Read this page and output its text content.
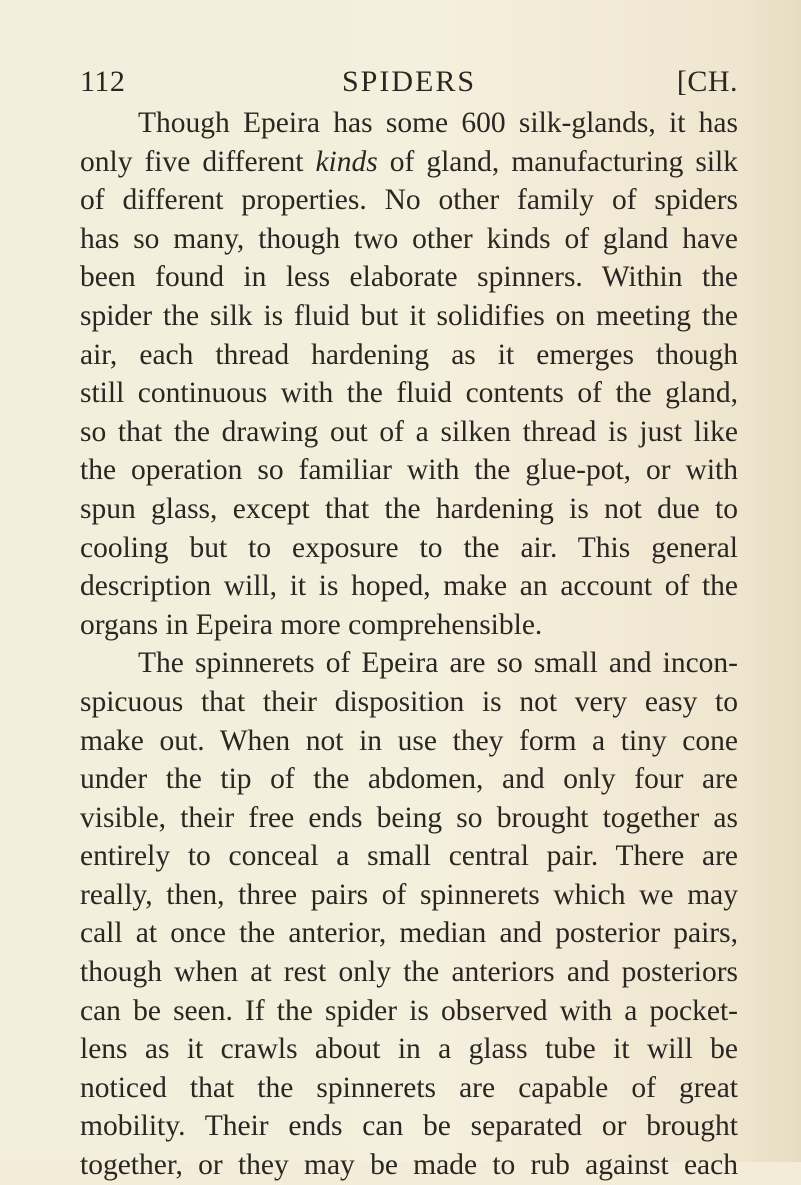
112	SPIDERS	[CH.
Though Epeira has some 600 silk-glands, it has
only five different kinds of gland, manufacturing silk
of different properties. No other family of spiders
has so many, though two other kinds of gland have
been found in less elaborate spinners. Within the
spider the silk is fluid but it solidifies on meeting the
air, each thread hardening as it emerges though
still continuous with the fluid contents of the gland,
so that the drawing out of a silken thread is just like
the operation so familiar with the glue-pot, or with
spun glass, except that the hardening is not due to
cooling but to exposure to the air. This general
description will, it is hoped, make an account of the
organs in Epeira more comprehensible.
The spinnerets of Epeira are so small and incon-
spicuous that their disposition is not very easy to
make out. When not in use they form a tiny cone
under the tip of the abdomen, and only four are
visible, their free ends being so brought together as
entirely to conceal a small central pair. There are
really, then, three pairs of spinnerets which we may
call at once the anterior, median and posterior pairs,
though when at rest only the anteriors and posteriors
can be seen. If the spider is observed with a pocket-
lens as it crawls about in a glass tube it will be
noticed that the spinnerets are capable of great
mobility. Their ends can be separated or brought
together, or they may be made to rub against each
